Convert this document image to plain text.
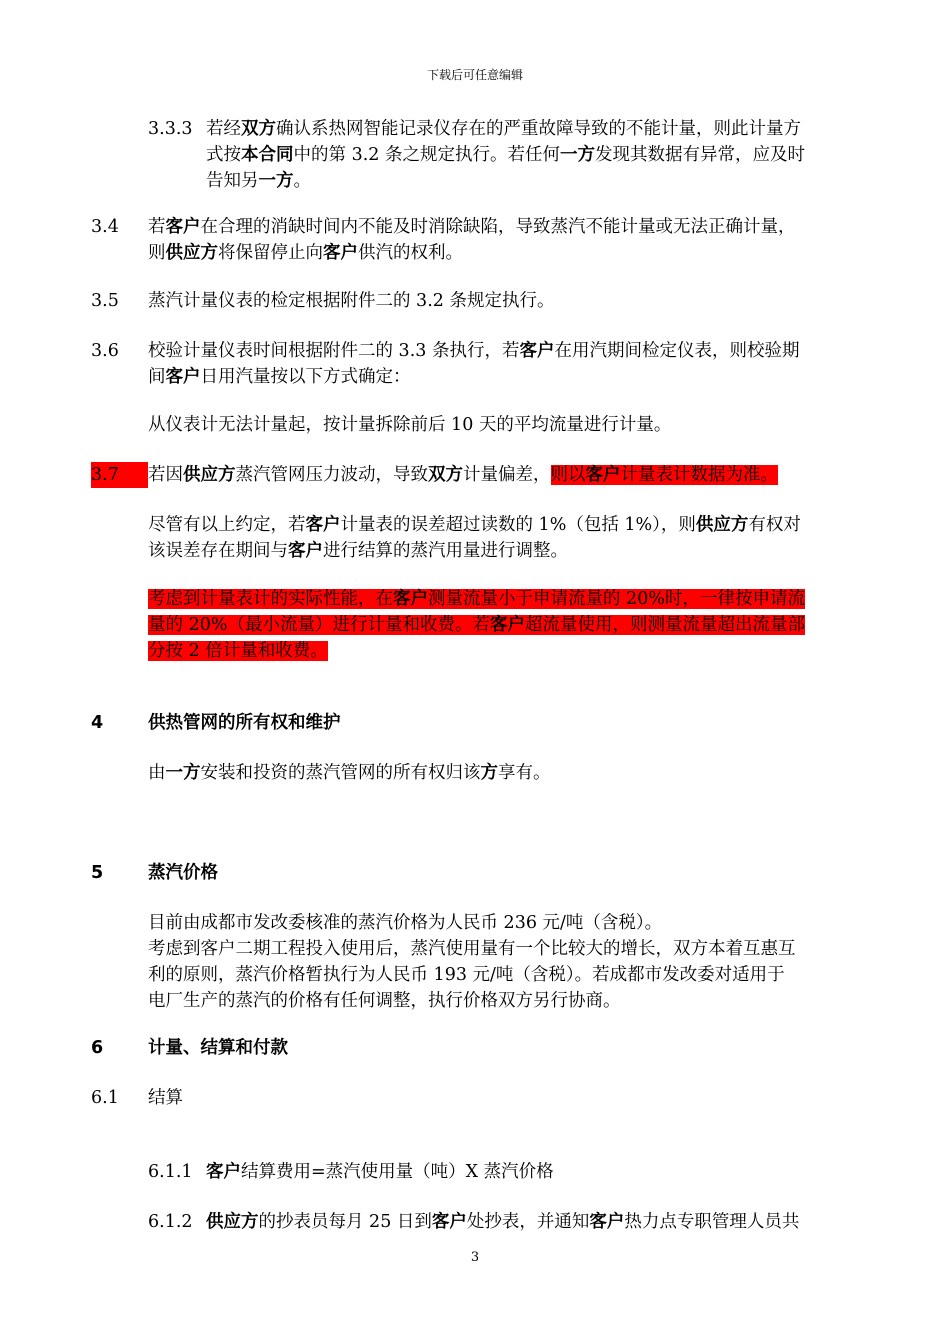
下载后可任意编辑
3.3.3 若经双方确认系热网智能记录仪存在的严重故障导致的不能计量，则此计量方
式按本合同中的第 3.2 条之规定执行。若任何一方发现其数据有异常，应及时
告知另一方。
3.4 若客户在合理的消缺时间内不能及时消除缺陷，导致蒸汽不能计量或无法正确计量，
则供应方将保留停止向客户供汽的权利。
3.5 蒸汽计量仪表的检定根据附件二的 3.2 条规定执行。
3.6 校验计量仪表时间根据附件二的 3.3 条执行，若客户在用汽期间检定仪表，则校验期
间客户日用汽量按以下方式确定：
从仪表计无法计量起，按计量拆除前后 10 天的平均流量进行计量。
3.7	若因供应方蒸汽管网压力波动，导致双方计量偏差，则以客户计量表计数据为准。
尽管有以上约定，若客户计量表的误差超过读数的 1%（包括 1%），则供应方有权对
该误差存在期间与客户进行结算的蒸汽用量进行调整。
考虑到计量表计的实际性能，在客户测量流量小于申请流量的 20%时，一律按申请流
量的 20%（最小流量）进行计量和收费。若客户超流量使用，则测量流量超出流量部
分按 2 倍计量和收费。
4	供热管网的所有权和维护
由一方安装和投资的蒸汽管网的所有权归该方享有。
5	蒸汽价格
目前由成都市发改委核准的蒸汽价格为人民币 236 元/吨（含税）。
考虑到客户二期工程投入使用后，蒸汽使用量有一个比较大的增长，双方本着互惠互
利的原则，蒸汽价格暂执行为人民币 193 元/吨（含税）。若成都市发改委对适用于
电厂生产的蒸汽的价格有任何调整，执行价格双方另行协商。
6	计量、结算和付款
6.1 结算
6.1.1 客户结算费用=蒸汽使用量（吨）X 蒸汽价格
6.1.2 供应方的抄表员每月 25 日到客户处抄表，并通知客户热力点专职管理人员共
3
